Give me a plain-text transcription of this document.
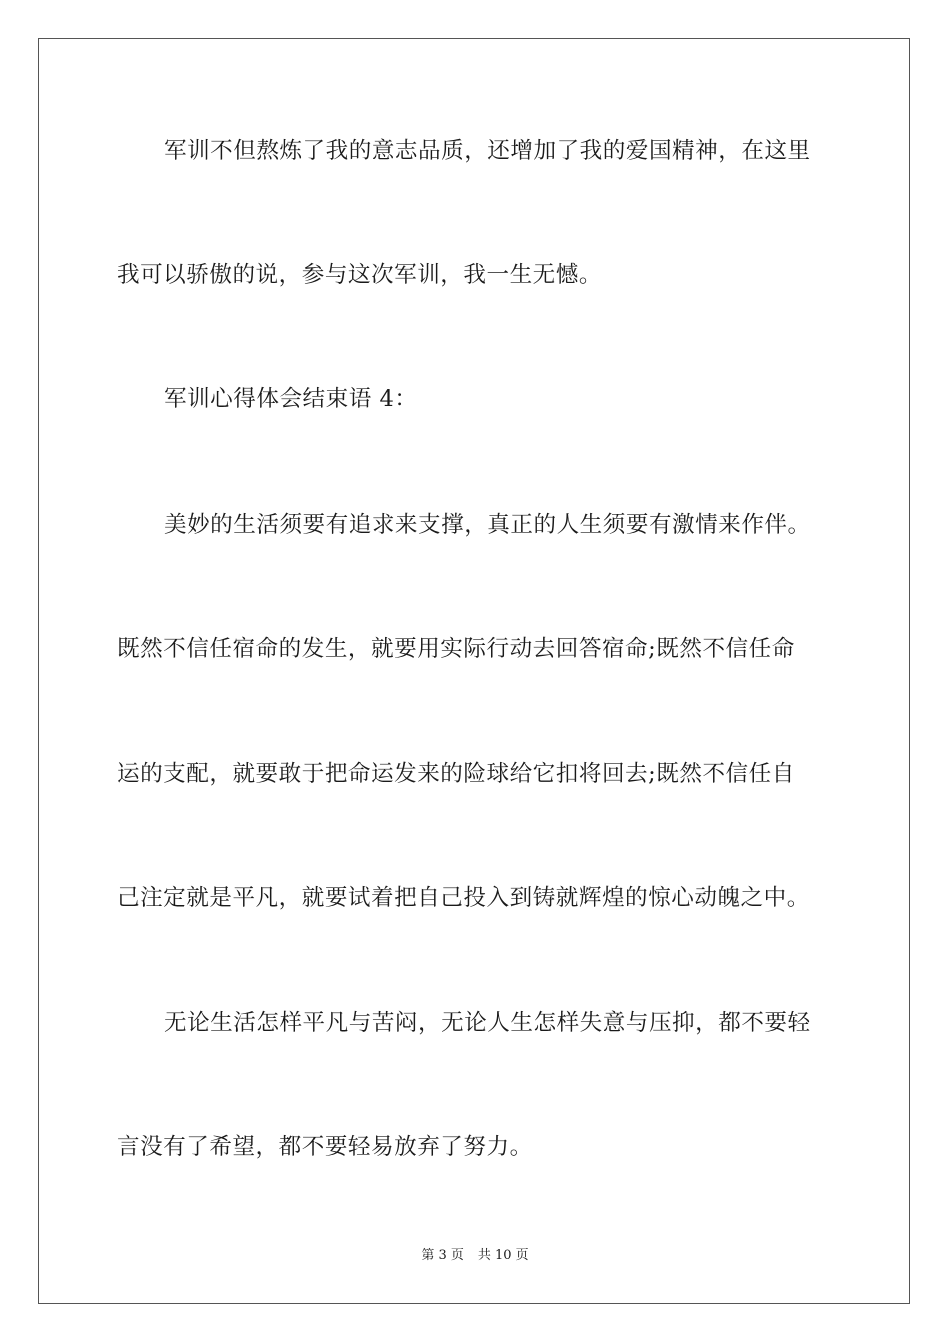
军训不但熬炼了我的意志品质，还增加了我的爱国精神，在这里
我可以骄傲的说，参与这次军训，我一生无憾。
军训心得体会结束语 4：
美妙的生活须要有追求来支撑，真正的人生须要有激情来作伴。
既然不信任宿命的发生，就要用实际行动去回答宿命;既然不信任命
运的支配，就要敢于把命运发来的险球给它扣将回去;既然不信任自
己注定就是平凡，就要试着把自己投入到铸就辉煌的惊心动魄之中。
无论生活怎样平凡与苦闷，无论人生怎样失意与压抑，都不要轻
言没有了希望，都不要轻易放弃了努力。
第 3 页 共 10 页
